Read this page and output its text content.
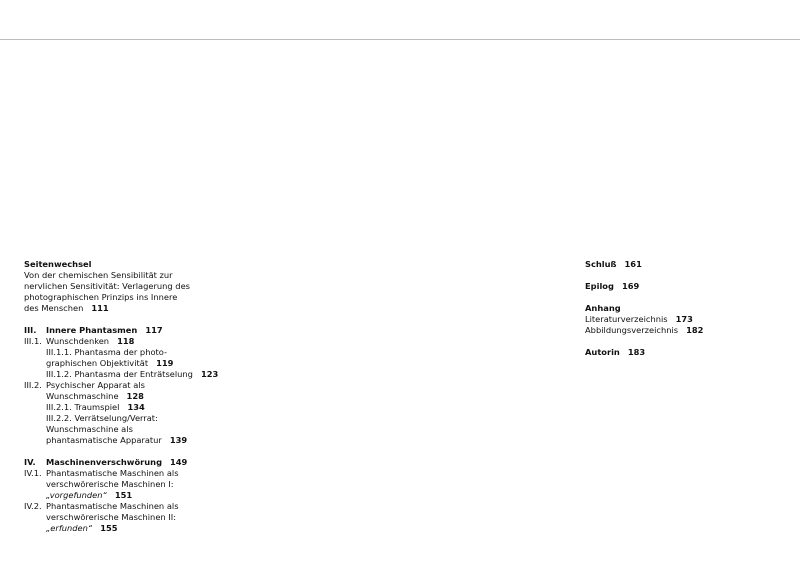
Seitenwechsel
Von der chemischen Sensibilität zur
nervlichen Sensitivität: Verlagerung des
photographischen Prinzips ins Innere
des Menschen 111
III. Innere Phantasmen 117
III.1. Wunschdenken 118
III.1.1. Phantasma der photo-
graphischen Objektivität 119
III.1.2. Phantasma der Enträtselung 123
III.2. Psychischer Apparat als
Wunschmaschine 128
III.2.1. Traumspiel 134
III.2.2. Verrätselung/Verrat:
Wunschmaschine als
phantasmatische Apparatur 139
IV. Maschinenverschwörung 149
IV.1. Phantasmatische Maschinen als
verschwörerische Maschinen I:
„vorgefunden“ 151
IV.2. Phantasmatische Maschinen als
verschwörerische Maschinen II:
„erfunden“ 155
Schluß 161
Epilog 169
Anhang
Literaturverzeichnis 173
Abbildungsverzeichnis 182
Autorin 183
